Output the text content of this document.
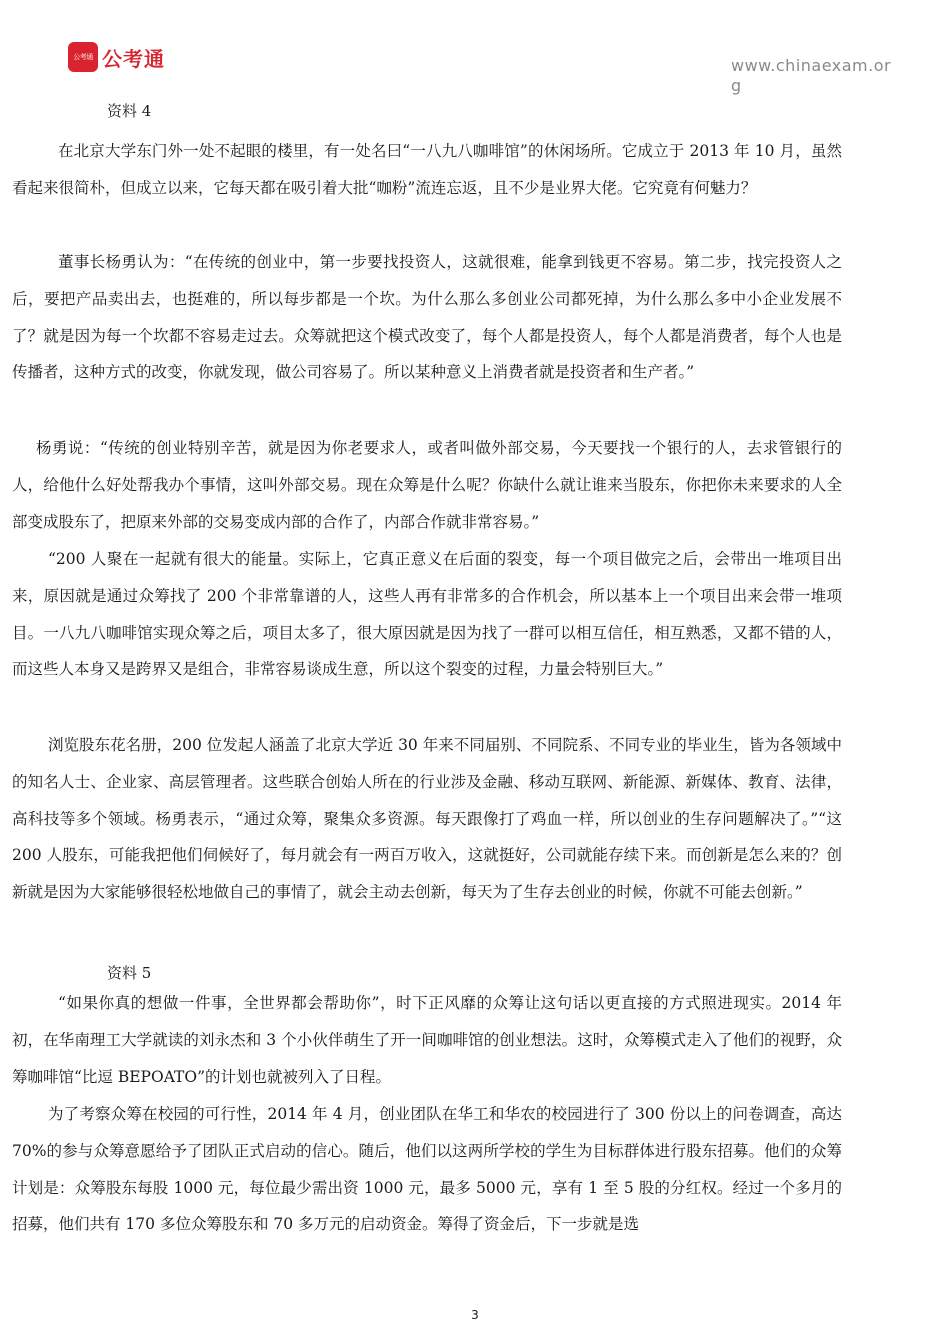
公考通 公考通	www.chinaexam.org
资料 4
在北京大学东门外一处不起眼的楼里，有一处名曰“一八九八咖啡馆”的休闲场所。它成立于 2013 年 10 月，虽然看起来很简朴，但成立以来，它每天都在吸引着大批“咖粉”流连忘返，且不少是业界大佬。它究竟有何魅力？
董事长杨勇认为：“在传统的创业中，第一步要找投资人，这就很难，能拿到钱更不容易。第二步，找完投资人之后，要把产品卖出去，也挺难的，所以每步都是一个坎。为什么那么多创业公司都死掉，为什么那么多中小企业发展不了？就是因为每一个坎都不容易走过去。众筹就把这个模式改变了，每个人都是投资人，每个人都是消费者，每个人也是传播者，这种方式的改变，你就发现，做公司容易了。所以某种意义上消费者就是投资者和生产者。”
杨勇说：“传统的创业特别辛苦，就是因为你老要求人，或者叫做外部交易，今天要找一个银行的人，去求管银行的人，给他什么好处帮我办个事情，这叫外部交易。现在众筹是什么呢？你缺什么就让谁来当股东，你把你未来要求的人全部变成股东了，把原来外部的交易变成内部的合作了，内部合作就非常容易。”
“200 人聚在一起就有很大的能量。实际上，它真正意义在后面的裂变，每一个项目做完之后，会带出一堆项目出来，原因就是通过众筹找了 200 个非常靠谱的人，这些人再有非常多的合作机会，所以基本上一个项目出来会带一堆项目。一八九八咖啡馆实现众筹之后，项目太多了，很大原因就是因为找了一群可以相互信任，相互熟悉，又都不错的人，而这些人本身又是跨界又是组合，非常容易谈成生意，所以这个裂变的过程，力量会特别巨大。”
浏览股东花名册，200 位发起人涵盖了北京大学近 30 年来不同届别、不同院系、不同专业的毕业生，皆为各领域中的知名人士、企业家、高层管理者。这些联合创始人所在的行业涉及金融、移动互联网、新能源、新媒体、教育、法律，高科技等多个领域。杨勇表示，“通过众筹，聚集众多资源。每天跟像打了鸡血一样，所以创业的生存问题解决了。”“这 200 人股东，可能我把他们伺候好了，每月就会有一两百万收入，这就挺好，公司就能存续下来。而创新是怎么来的？创新就是因为大家能够很轻松地做自己的事情了，就会主动去创新，每天为了生存去创业的时候，你就不可能去创新。”
资料 5
“如果你真的想做一件事，全世界都会帮助你”，时下正风靡的众筹让这句话以更直接的方式照进现实。2014 年初，在华南理工大学就读的刘永杰和 3 个小伙伴萌生了开一间咖啡馆的创业想法。这时，众筹模式走入了他们的视野，众筹咖啡馆“比逗 BEPOATO”的计划也就被列入了日程。
为了考察众筹在校园的可行性，2014 年 4 月，创业团队在华工和华农的校园进行了 300 份以上的问卷调查，高达 70%的参与众筹意愿给予了团队正式启动的信心。随后，他们以这两所学校的学生为目标群体进行股东招募。他们的众筹计划是：众筹股东每股 1000 元，每位最少需出资 1000 元，最多 5000 元，享有 1 至 5 股的分红权。经过一个多月的招募，他们共有 170 多位众筹股东和 70 多万元的启动资金。筹得了资金后，下一步就是选
3
